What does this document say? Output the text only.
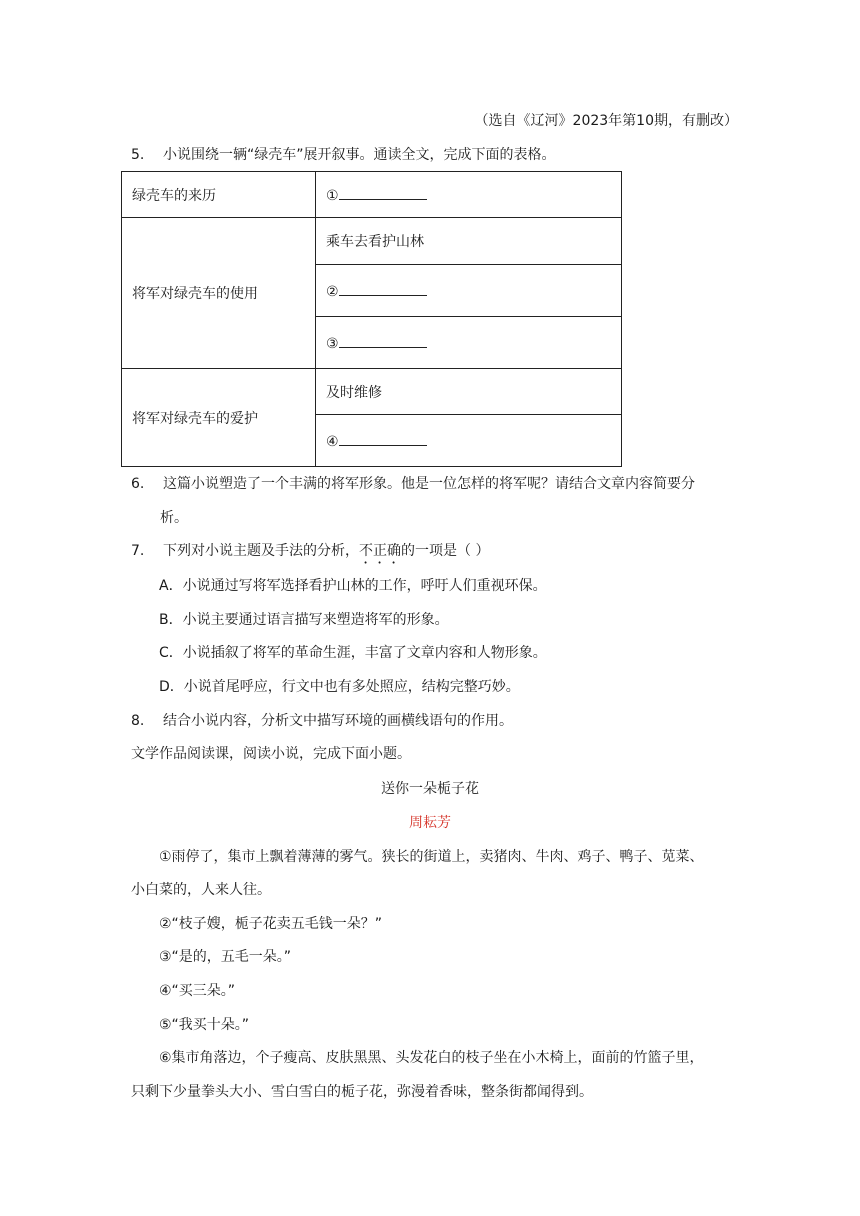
（选自《辽河》2023年第10期，有删改）
5. 小说围绕一辆“绿壳车”展开叙事。通读全文，完成下面的表格。
绿壳车的来历	①
将军对绿壳车的使用	乘车去看护山林
	②
	③
将军对绿壳车的爱护	及时维修
	④
6. 这篇小说塑造了一个丰满的将军形象。他是一位怎样的将军呢？请结合文章内容简要分
析。
7. 下列对小说主题及手法的分析，不正确的一项是（ ）
A．小说通过写将军选择看护山林的工作，呼吁人们重视环保。
B．小说主要通过语言描写来塑造将军的形象。
C．小说插叙了将军的革命生涯，丰富了文章内容和人物形象。
D．小说首尾呼应，行文中也有多处照应，结构完整巧妙。
8. 结合小说内容，分析文中描写环境的画横线语句的作用。
文学作品阅读课，阅读小说，完成下面小题。
送你一朵栀子花
周耘芳
①雨停了，集市上飘着薄薄的雾气。狭长的街道上，卖猪肉、牛肉、鸡子、鸭子、苋菜、
小白菜的，人来人往。
②“枝子嫂，栀子花卖五毛钱一朵？”
③“是的，五毛一朵。”
④“买三朵。”
⑤“我买十朵。”
⑥集市角落边，个子瘦高、皮肤黑黑、头发花白的枝子坐在小木椅上，面前的竹篮子里，
只剩下少量拳头大小、雪白雪白的栀子花，弥漫着香味，整条街都闻得到。
